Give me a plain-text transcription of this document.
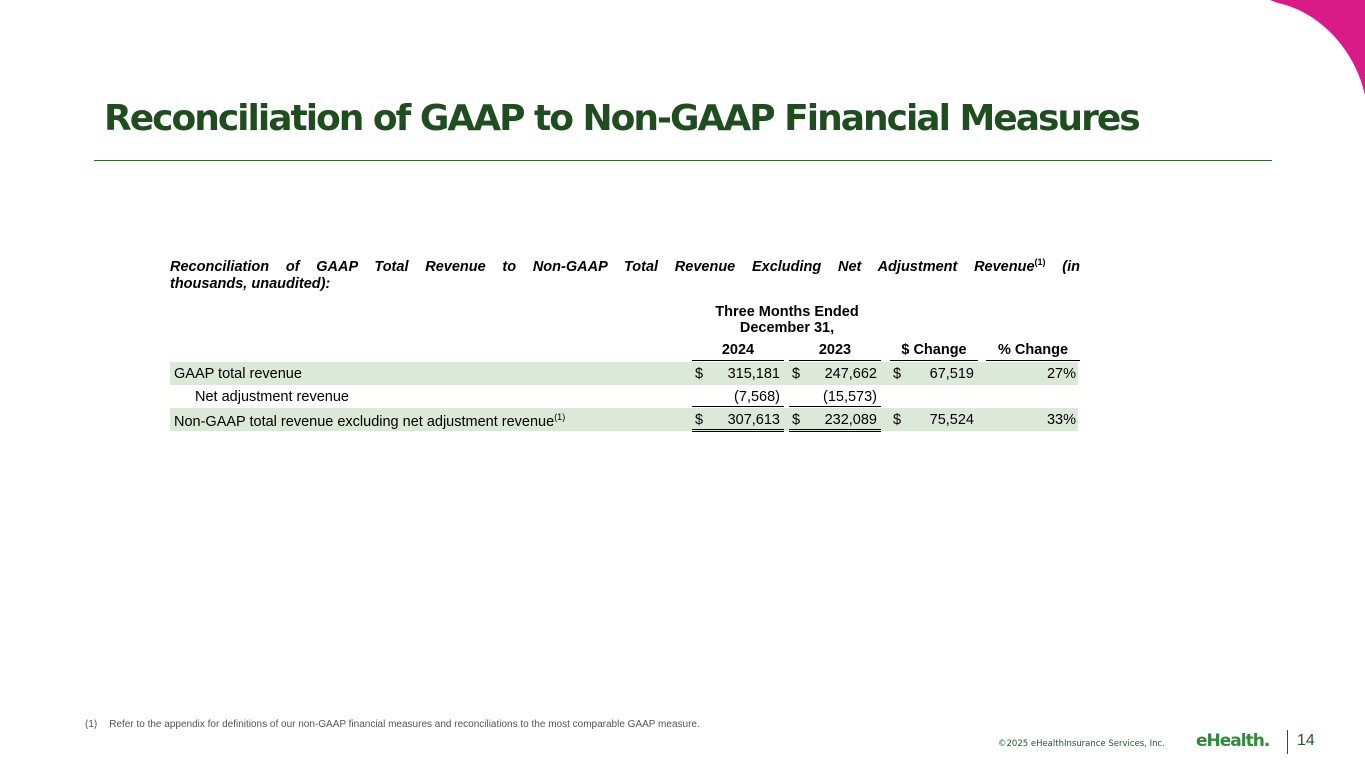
Reconciliation of GAAP to Non-GAAP Financial Measures

Reconciliation of GAAP Total Revenue to Non-GAAP Total Revenue Excluding Net Adjustment Revenue$^{(1)}$ (in

thousands, unaudited):

Three Months Ended
December 31,
2024	2023	$ Change	% Change
GAAP total revenue	$ 315,181 $ 247,662 $ 67,519	27%
Net adjustment revenue	(7,568)	(15,573)
Non-GAAP total revenue excluding net adjustment revenue$^{(1)}$	$ 307,613 $ 232,089 $ 75,524	33%
(1) Refer to the appendix for definitions of our non-GAAP financial measures and reconciliations to the most comparable GAAP measure.
©2025 eHealthInsurance Services, Inc. eHealth. 14
